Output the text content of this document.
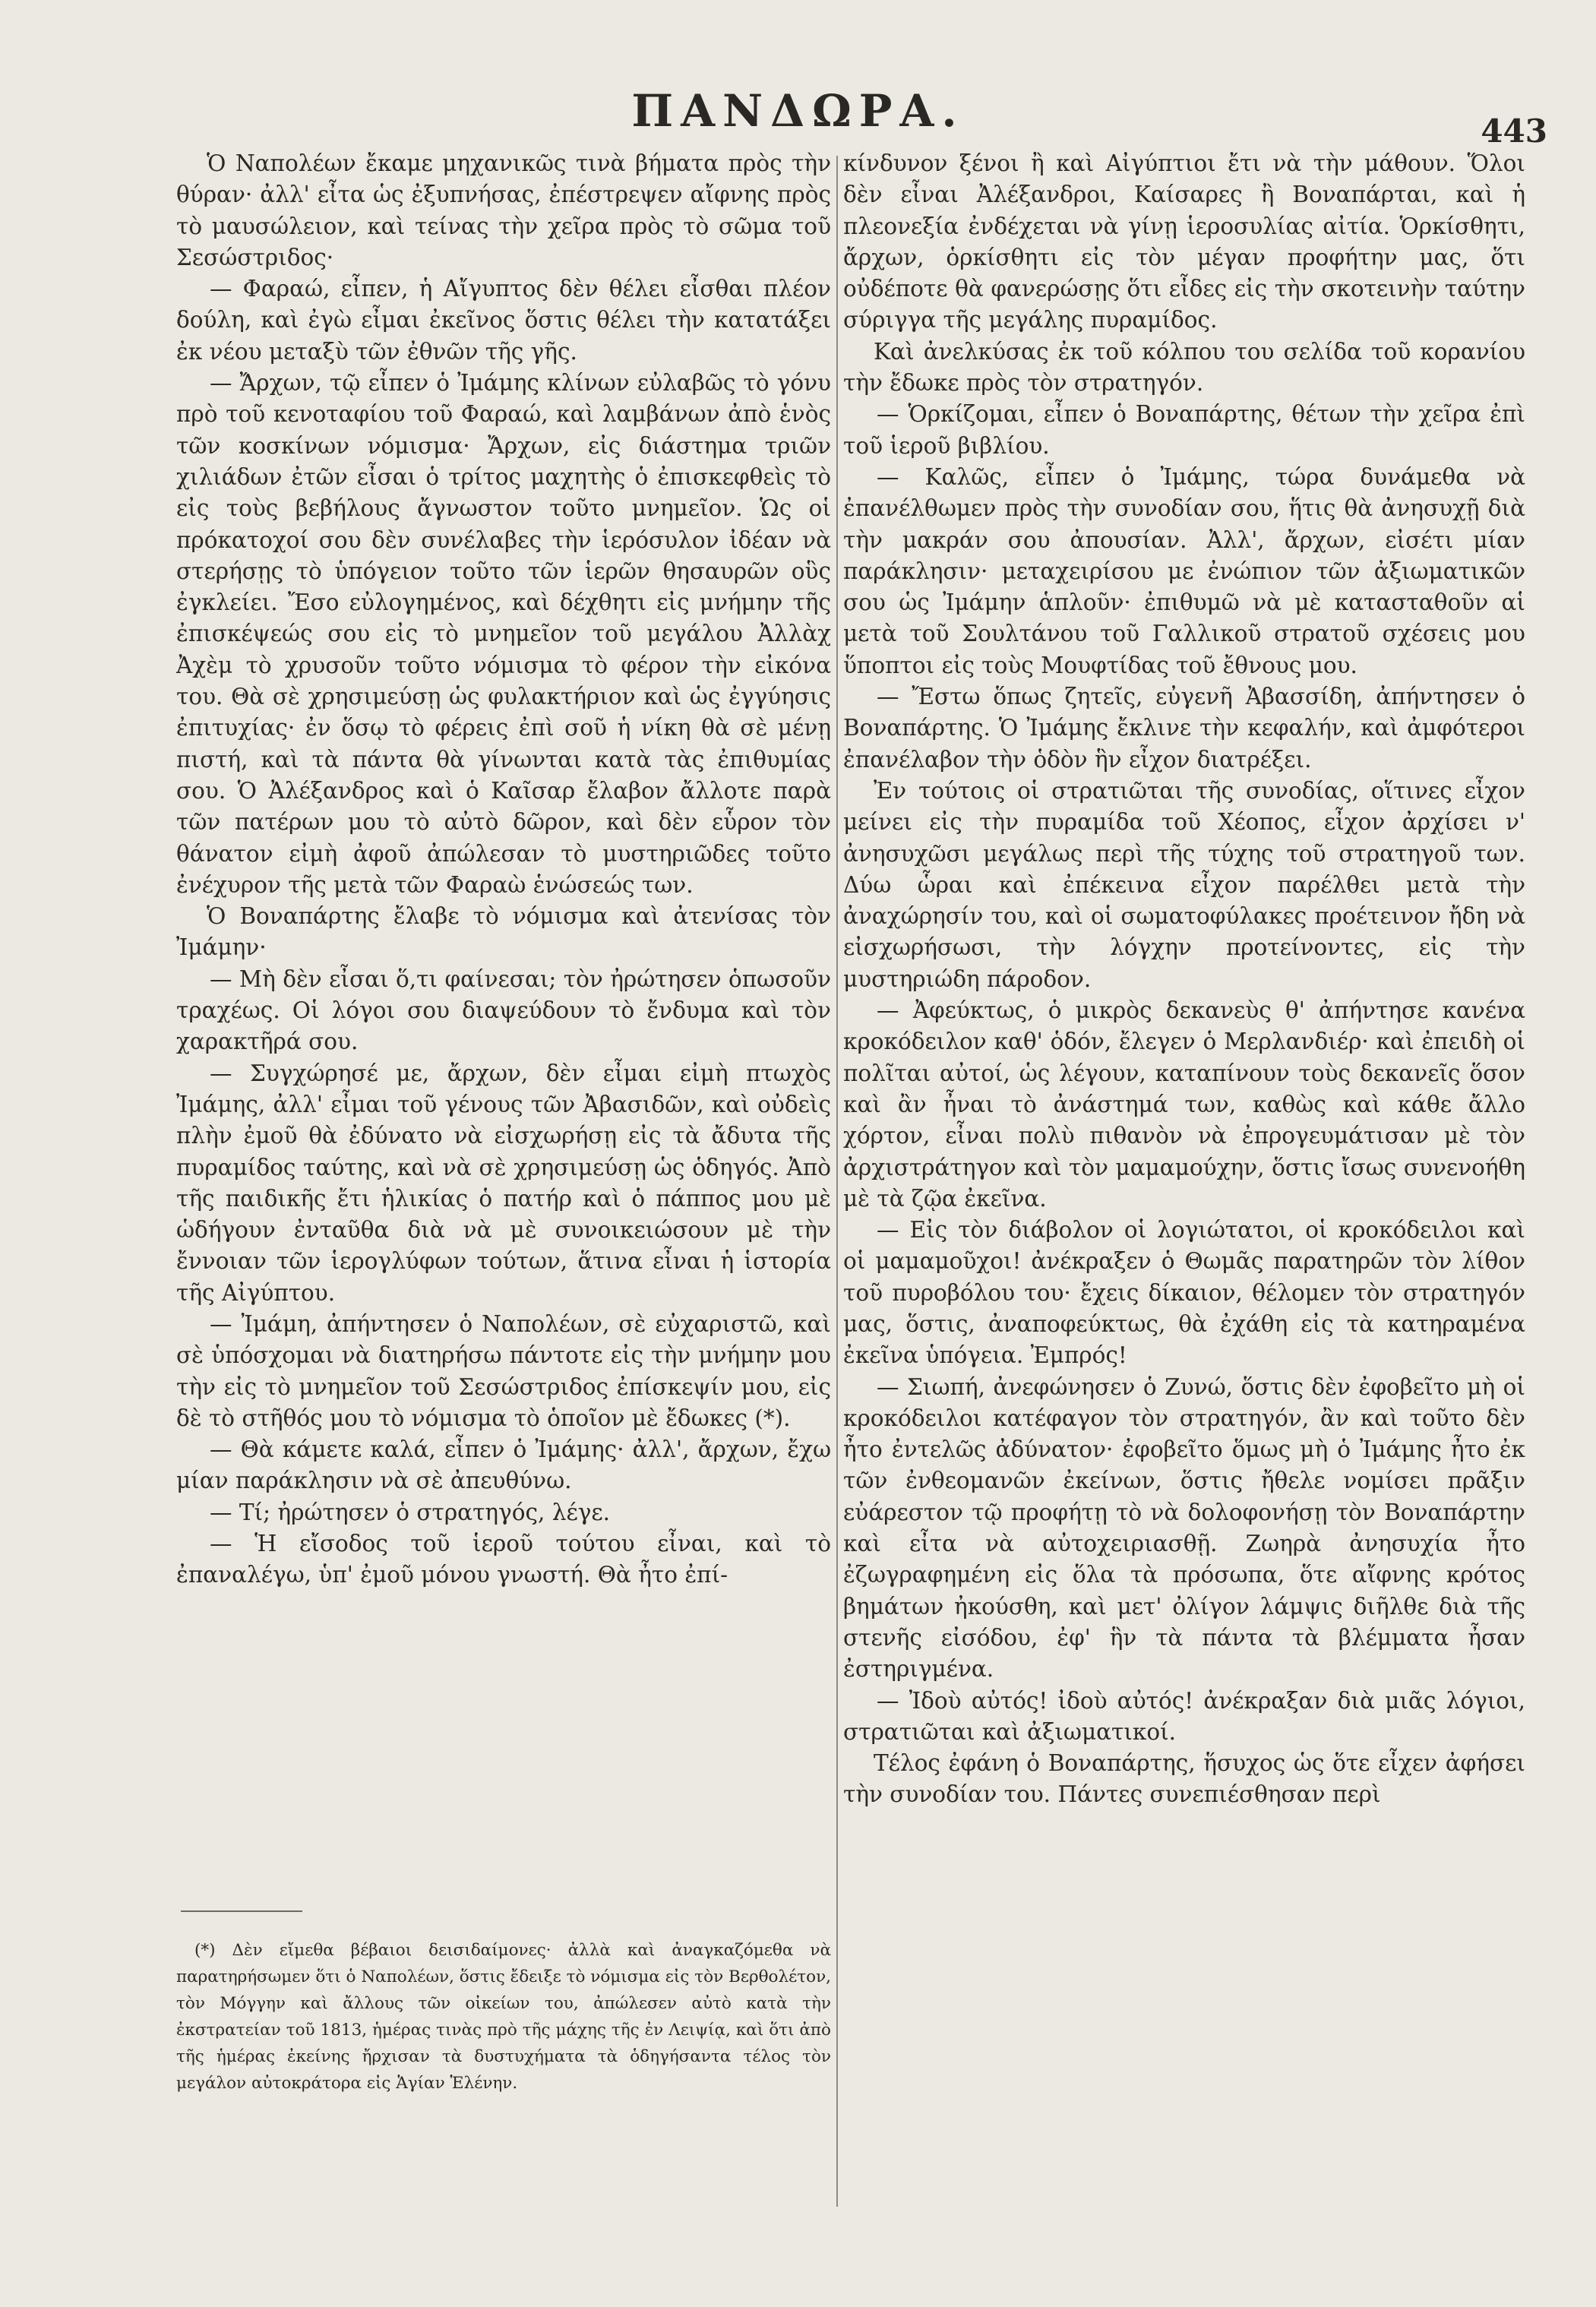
ΠΑΝΔΩΡΑ.	443

Ὁ Ναπολέων ἔκαμε μηχανικῶς τινὰ βήματα πρὸς τὴν θύραν· ἀλλ' εἶτα ὡς ἐξυπνήσας, ἐπέστρεψεν αἴφνης πρὸς τὸ μαυσώλειον, καὶ τείνας τὴν χεῖρα πρὸς τὸ σῶμα τοῦ Σεσώστριδος·

— Φαραώ, εἶπεν, ἡ Αἴγυπτος δὲν θέλει εἶσθαι πλέον δούλη, καὶ ἐγὼ εἶμαι ἐκεῖνος ὅστις θέλει τὴν κατατάξει ἐκ νέου μεταξὺ τῶν ἐθνῶν τῆς γῆς.

— Ἄρχων, τῷ εἶπεν ὁ Ἰμάμης κλίνων εὐλαβῶς τὸ γόνυ πρὸ τοῦ κενοταφίου τοῦ Φαραώ, καὶ λαμβάνων ἀπὸ ἑνὸς τῶν κοσκίνων νόμισμα· Ἄρχων, εἰς διάστημα τριῶν χιλιάδων ἐτῶν εἶσαι ὁ τρίτος μαχητὴς ὁ ἐπισκεφθεὶς τὸ εἰς τοὺς βεβήλους ἄγνωστον τοῦτο μνημεῖον. Ὡς οἱ πρόκατοχοί σου δὲν συνέλαβες τὴν ἱερόσυλον ἰδέαν νὰ στερήσῃς τὸ ὑπόγειον τοῦτο τῶν ἱερῶν θησαυρῶν οὓς ἐγκλείει. Ἔσο εὐλογημένος, καὶ δέχθητι εἰς μνήμην τῆς ἐπισκέψεώς σου εἰς τὸ μνημεῖον τοῦ μεγάλου Ἀλλὰχ Ἀχὲμ τὸ χρυσοῦν τοῦτο νόμισμα τὸ φέρον τὴν εἰκόνα του. Θὰ σὲ χρησιμεύσῃ ὡς φυλακτήριον καὶ ὡς ἐγγύησις ἐπιτυχίας· ἐν ὅσῳ τὸ φέρεις ἐπὶ σοῦ ἡ νίκη θὰ σὲ μένῃ πιστή, καὶ τὰ πάντα θὰ γίνωνται κατὰ τὰς ἐπιθυμίας σου. Ὁ Ἀλέξανδρος καὶ ὁ Καῖσαρ ἔλαβον ἄλλοτε παρὰ τῶν πατέρων μου τὸ αὐτὸ δῶρον, καὶ δὲν εὗρον τὸν θάνατον εἰμὴ ἀφοῦ ἀπώλεσαν τὸ μυστηριῶδες τοῦτο ἐνέχυρον τῆς μετὰ τῶν Φαραὼ ἑνώσεώς των.

Ὁ Βοναπάρτης ἔλαβε τὸ νόμισμα καὶ ἀτενίσας τὸν Ἰμάμην·

— Μὴ δὲν εἶσαι ὅ,τι φαίνεσαι; τὸν ἠρώτησεν ὁπωσοῦν τραχέως. Οἱ λόγοι σου διαψεύδουν τὸ ἔνδυμα καὶ τὸν χαρακτῆρά σου.

— Συγχώρησέ με, ἄρχων, δὲν εἶμαι εἰμὴ πτωχὸς Ἰμάμης, ἀλλ' εἶμαι τοῦ γένους τῶν Ἀβασιδῶν, καὶ οὐδεὶς πλὴν ἐμοῦ θὰ ἐδύνατο νὰ εἰσχωρήσῃ εἰς τὰ ἄδυτα τῆς πυραμίδος ταύτης, καὶ νὰ σὲ χρησιμεύσῃ ὡς ὁδηγός. Ἀπὸ τῆς παιδικῆς ἔτι ἡλικίας ὁ πατήρ καὶ ὁ πάππος μου μὲ ὡδήγουν ἐνταῦθα διὰ νὰ μὲ συνοικειώσουν μὲ τὴν ἔννοιαν τῶν ἱερογλύφων τούτων, ἅτινα εἶναι ἡ ἱστορία τῆς Αἰγύπτου.

— Ἰμάμη, ἀπήντησεν ὁ Ναπολέων, σὲ εὐχαριστῶ, καὶ σὲ ὑπόσχομαι νὰ διατηρήσω πάντοτε εἰς τὴν μνήμην μου τὴν εἰς τὸ μνημεῖον τοῦ Σεσώστριδος ἐπίσκεψίν μου, εἰς δὲ τὸ στῆθός μου τὸ νόμισμα τὸ ὁποῖον μὲ ἔδωκες (*).

— Θὰ κάμετε καλά, εἶπεν ὁ Ἰμάμης· ἀλλ', ἄρχων, ἔχω μίαν παράκλησιν νὰ σὲ ἀπευθύνω.

— Τί; ἠρώτησεν ὁ στρατηγός, λέγε.

— Ἡ εἴσοδος τοῦ ἱεροῦ τούτου εἶναι, καὶ τὸ ἐπαναλέγω, ὑπ' ἐμοῦ μόνου γνωστή. Θὰ ἦτο ἐπί-

(*) Δὲν εἴμεθα βέβαιοι δεισιδαίμονες· ἀλλὰ καὶ ἀναγκαζόμεθα νὰ παρατηρήσωμεν ὅτι ὁ Ναπολέων, ὅστις ἔδειξε τὸ νόμισμα εἰς τὸν Βερθολέτον, τὸν Μόγγην καὶ ἄλλους τῶν οἰκείων του, ἀπώλεσεν αὐτὸ κατὰ τὴν ἐκστρατείαν τοῦ 1813, ἡμέρας τινὰς πρὸ τῆς μάχης τῆς ἐν Λειψίᾳ, καὶ ὅτι ἀπὸ τῆς ἡμέρας ἐκείνης ἤρχισαν τὰ δυστυχήματα τὰ ὁδηγήσαντα τέλος τὸν μεγάλον αὐτοκράτορα εἰς Ἁγίαν Ἑλένην.

κίνδυνον ξένοι ἢ καὶ Αἰγύπτιοι ἔτι νὰ τὴν μάθουν. Ὅλοι δὲν εἶναι Ἀλέξανδροι, Καίσαρες ἢ Βοναπάρται, καὶ ἡ πλεονεξία ἐνδέχεται νὰ γίνῃ ἱεροσυλίας αἰτία. Ὁρκίσθητι, ἄρχων, ὁρκίσθητι εἰς τὸν μέγαν προφήτην μας, ὅτι οὐδέποτε θὰ φανερώσῃς ὅτι εἶδες εἰς τὴν σκοτεινὴν ταύτην σύριγγα τῆς μεγάλης πυραμίδος.

Καὶ ἀνελκύσας ἐκ τοῦ κόλπου του σελίδα τοῦ κορανίου τὴν ἔδωκε πρὸς τὸν στρατηγόν.

— Ὁρκίζομαι, εἶπεν ὁ Βοναπάρτης, θέτων τὴν χεῖρα ἐπὶ τοῦ ἱεροῦ βιβλίου.

— Καλῶς, εἶπεν ὁ Ἰμάμης, τώρα δυνάμεθα νὰ ἐπανέλθωμεν πρὸς τὴν συνοδίαν σου, ἥτις θὰ ἀνησυχῇ διὰ τὴν μακράν σου ἀπουσίαν. Ἀλλ', ἄρχων, εἰσέτι μίαν παράκλησιν· μεταχειρίσου με ἐνώπιον τῶν ἀξιωματικῶν σου ὡς Ἰμάμην ἁπλοῦν· ἐπιθυμῶ νὰ μὲ κατασταθοῦν αἱ μετὰ τοῦ Σουλτάνου τοῦ Γαλλικοῦ στρατοῦ σχέσεις μου ὕποπτοι εἰς τοὺς Μουφτίδας τοῦ ἔθνους μου.

— Ἔστω ὅπως ζητεῖς, εὐγενῆ Ἀβασσίδη, ἀπήντησεν ὁ Βοναπάρτης. Ὁ Ἰμάμης ἔκλινε τὴν κεφαλήν, καὶ ἀμφότεροι ἐπανέλαβον τὴν ὁδὸν ἣν εἶχον διατρέξει.

Ἐν τούτοις οἱ στρατιῶται τῆς συνοδίας, οἵτινες εἶχον μείνει εἰς τὴν πυραμίδα τοῦ Χέοπος, εἶχον ἀρχίσει ν' ἀνησυχῶσι μεγάλως περὶ τῆς τύχης τοῦ στρατηγοῦ των. Δύω ὧραι καὶ ἐπέκεινα εἶχον παρέλθει μετὰ τὴν ἀναχώρησίν του, καὶ οἱ σωματοφύλακες προέτεινον ἤδη νὰ εἰσχωρήσωσι, τὴν λόγχην προτείνοντες, εἰς τὴν μυστηριώδη πάροδον.

— Ἀφεύκτως, ὁ μικρὸς δεκανεὺς θ' ἀπήντησε κανένα κροκόδειλον καθ' ὁδόν, ἔλεγεν ὁ Μερλανδιέρ· καὶ ἐπειδὴ οἱ πολῖται αὐτοί, ὡς λέγουν, καταπίνουν τοὺς δεκανεῖς ὅσον καὶ ἂν ἦναι τὸ ἀνάστημά των, καθὼς καὶ κάθε ἄλλο χόρτον, εἶναι πολὺ πιθανὸν νὰ ἐπρογευμάτισαν μὲ τὸν ἀρχιστράτηγον καὶ τὸν μαμαμούχην, ὅστις ἴσως συνενοήθη μὲ τὰ ζῷα ἐκεῖνα.

— Εἰς τὸν διάβολον οἱ λογιώτατοι, οἱ κροκόδειλοι καὶ οἱ μαμαμοῦχοι! ἀνέκραξεν ὁ Θωμᾶς παρατηρῶν τὸν λίθον τοῦ πυροβόλου του· ἔχεις δίκαιον, θέλομεν τὸν στρατηγόν μας, ὅστις, ἀναποφεύκτως, θὰ ἐχάθη εἰς τὰ κατηραμένα ἐκεῖνα ὑπόγεια. Ἐμπρός!

— Σιωπή, ἀνεφώνησεν ὁ Ζυνώ, ὅστις δὲν ἐφοβεῖτο μὴ οἱ κροκόδειλοι κατέφαγον τὸν στρατηγόν, ἂν καὶ τοῦτο δὲν ἦτο ἐντελῶς ἀδύνατον· ἐφοβεῖτο ὅμως μὴ ὁ Ἰμάμης ἦτο ἐκ τῶν ἐνθεομανῶν ἐκείνων, ὅστις ἤθελε νομίσει πρᾶξιν εὐάρεστον τῷ προφήτῃ τὸ νὰ δολοφονήσῃ τὸν Βοναπάρτην καὶ εἶτα νὰ αὐτοχειριασθῇ. Ζωηρὰ ἀνησυχία ἦτο ἐζωγραφημένη εἰς ὅλα τὰ πρόσωπα, ὅτε αἴφνης κρότος βημάτων ἠκούσθη, καὶ μετ' ὀλίγον λάμψις διῆλθε διὰ τῆς στενῆς εἰσόδου, ἐφ' ἣν τὰ πάντα τὰ βλέμματα ἦσαν ἐστηριγμένα.

— Ἰδοὺ αὐτός! ἰδοὺ αὐτός! ἀνέκραξαν διὰ μιᾶς λόγιοι, στρατιῶται καὶ ἀξιωματικοί.

Τέλος ἐφάνη ὁ Βοναπάρτης, ἥσυχος ὡς ὅτε εἶχεν ἀφήσει τὴν συνοδίαν του. Πάντες συνεπιέσθησαν περὶ
